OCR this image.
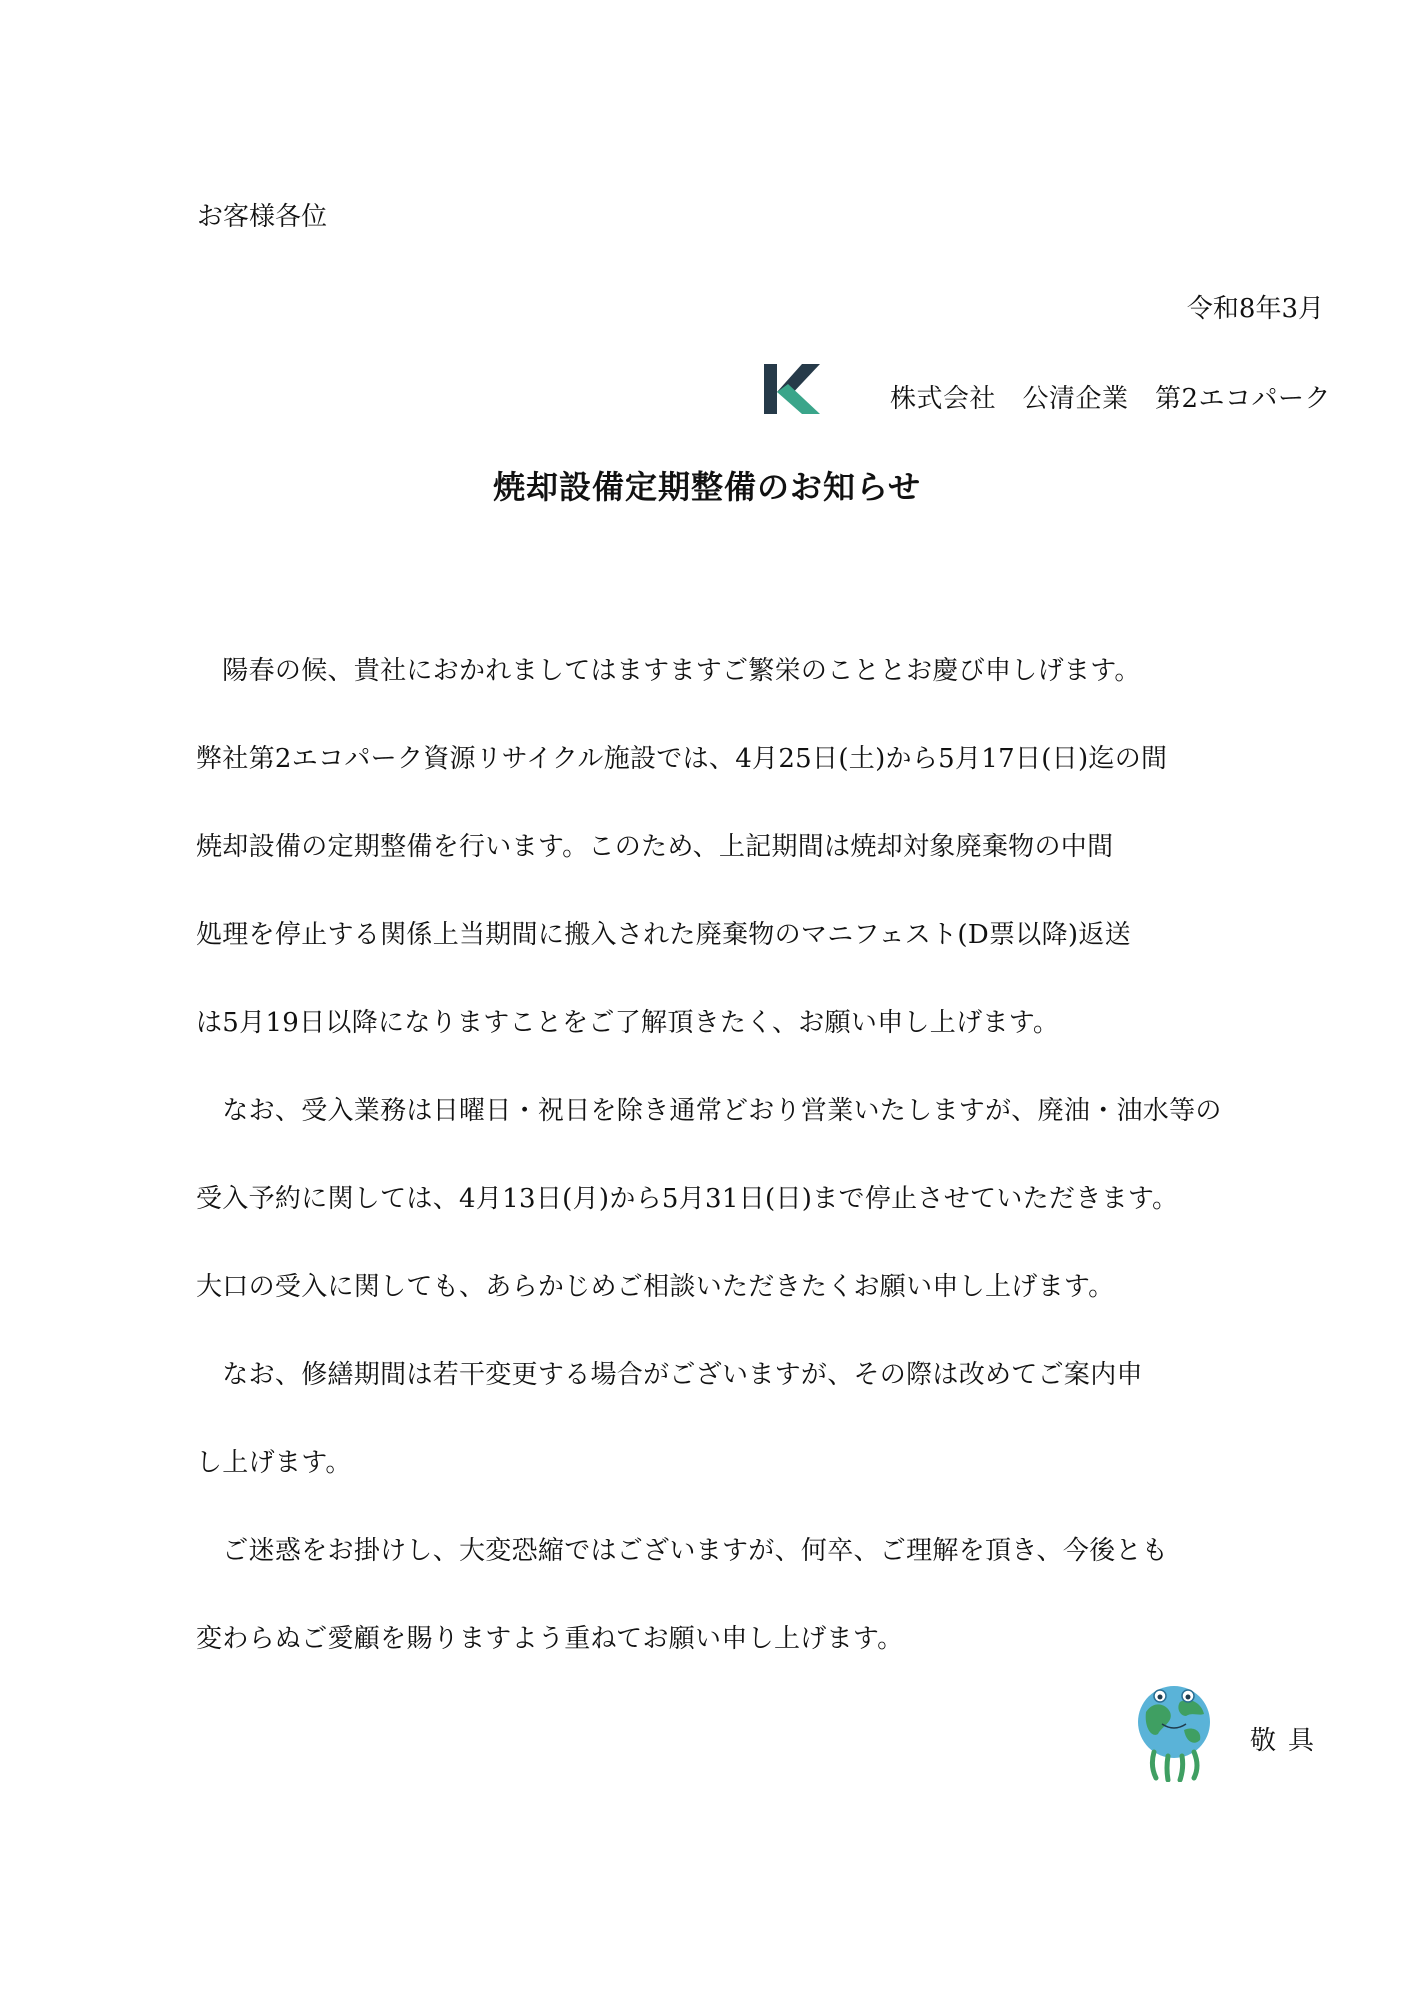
お客様各位
令和8年3月
株式会社　公清企業　第2エコパーク
焼却設備定期整備のお知らせ
　陽春の候、貴社におかれましてはますますご繁栄のこととお慶び申しげます。
弊社第2エコパーク資源リサイクル施設では、4月25日(土)から5月17日(日)迄の間
焼却設備の定期整備を行います。このため、上記期間は焼却対象廃棄物の中間
処理を停止する関係上当期間に搬入された廃棄物のマニフェスト(D票以降)返送
は5月19日以降になりますことをご了解頂きたく、お願い申し上げます。
　なお、受入業務は日曜日・祝日を除き通常どおり営業いたしますが、廃油・油水等の
受入予約に関しては、4月13日(月)から5月31日(日)まで停止させていただきます。
大口の受入に関しても、あらかじめご相談いただきたくお願い申し上げます。
　なお、修繕期間は若干変更する場合がございますが、その際は改めてご案内申
し上げます。
　ご迷惑をお掛けし、大変恐縮ではございますが、何卒、ご理解を頂き、今後とも
変わらぬご愛顧を賜りますよう重ねてお願い申し上げます。
敬具
